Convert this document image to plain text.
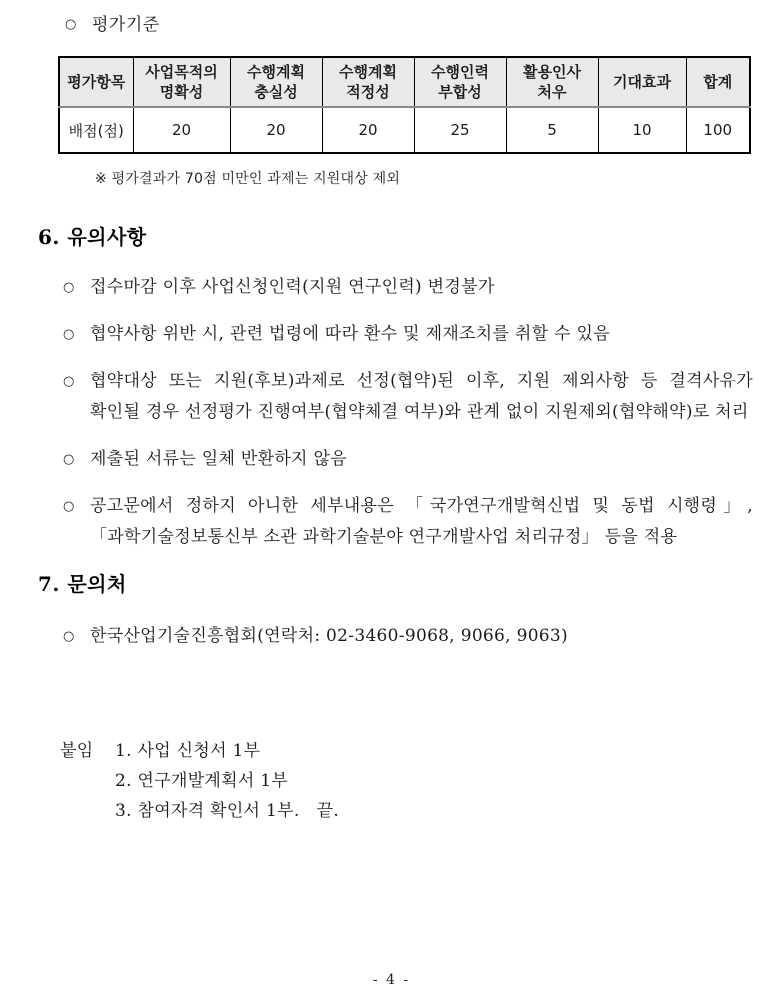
○ 평가기준
평가항목	사업목적의 명확성	수행계획 충실성	수행계획 적정성	수행인력 부합성	활용인사 처우	기대효과	합계
배점(점)	20	20	20	25	5	10	100
※ 평가결과가 70점 미만인 과제는 지원대상 제외
6. 유의사항
○ 접수마감 이후 사업신청인력(지원 연구인력) 변경불가
○ 협약사항 위반 시, 관련 법령에 따라 환수 및 제재조치를 취할 수 있음
○ 협약대상 또는 지원(후보)과제로 선정(협약)된 이후, 지원 제외사항 등 결격사유가 확인될 경우 선정평가 진행여부(협약체결 여부)와 관계 없이 지원제외(협약해약)로 처리
○ 제출된 서류는 일체 반환하지 않음
○ 공고문에서 정하지 아니한 세부내용은 「국가연구개발혁신법 및 동법 시행령」, 「과학기술정보통신부 소관 과학기술분야 연구개발사업 처리규정」 등을 적용
7. 문의처
○ 한국산업기술진흥협회(연락처: 02-3460-9068, 9066, 9063)
붙임	1. 사업 신청서 1부
2. 연구개발계획서 1부
3. 참여자격 확인서 1부.   끝.
- 4 -
